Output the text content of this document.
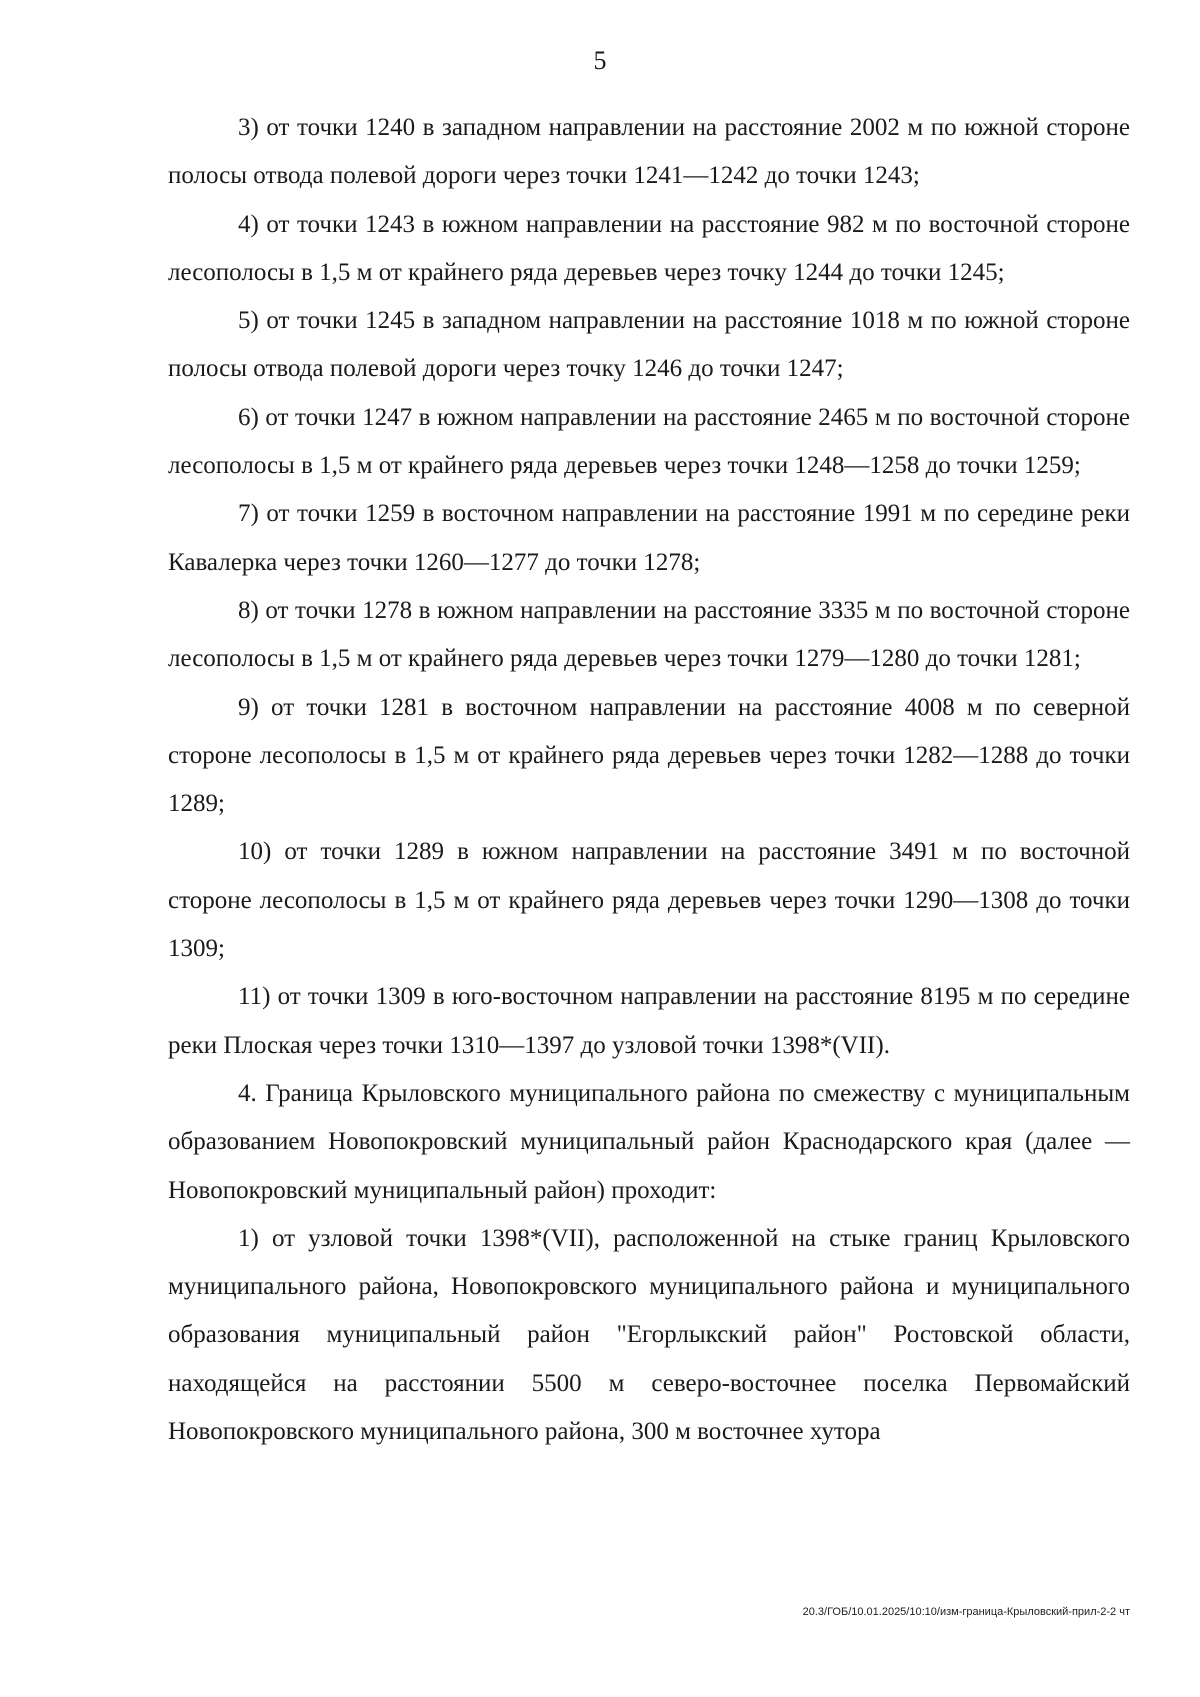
5

3) от точки 1240 в западном направлении на расстояние 2002 м по южной стороне полосы отвода полевой дороги через точки 1241—1242 до точки 1243;

4) от точки 1243 в южном направлении на расстояние 982 м по восточной стороне лесополосы в 1,5 м от крайнего ряда деревьев через точку 1244 до точки 1245;

5) от точки 1245 в западном направлении на расстояние 1018 м по южной стороне полосы отвода полевой дороги через точку 1246 до точки 1247;

6) от точки 1247 в южном направлении на расстояние 2465 м по восточной стороне лесополосы в 1,5 м от крайнего ряда деревьев через точки 1248—1258 до точки 1259;

7) от точки 1259 в восточном направлении на расстояние 1991 м по середине реки Кавалерка через точки 1260—1277 до точки 1278;

8) от точки 1278 в южном направлении на расстояние 3335 м по восточной стороне лесополосы в 1,5 м от крайнего ряда деревьев через точки 1279—1280 до точки 1281;

9) от точки 1281 в восточном направлении на расстояние 4008 м по северной стороне лесополосы в 1,5 м от крайнего ряда деревьев через точки 1282—1288 до точки 1289;

10) от точки 1289 в южном направлении на расстояние 3491 м по восточной стороне лесополосы в 1,5 м от крайнего ряда деревьев через точки 1290—1308 до точки 1309;

11) от точки 1309 в юго-восточном направлении на расстояние 8195 м по середине реки Плоская через точки 1310—1397 до узловой точки 1398*(VII).

4. Граница Крыловского муниципального района по смежеству с муниципальным образованием Новопокровский муниципальный район Краснодарского края (далее — Новопокровский муниципальный район) проходит:

1) от узловой точки 1398*(VII), расположенной на стыке границ Крыловского муниципального района, Новопокровского муниципального района и муниципального образования муниципальный район "Егорлыкский район" Ростовской области, находящейся на расстоянии 5500 м северо-восточнее поселка Первомайский Новопокровского муниципального района, 300 м восточнее хутора

20.3/ГОБ/10.01.2025/10:10/изм-граница-Крыловский-прил-2-2 чт
